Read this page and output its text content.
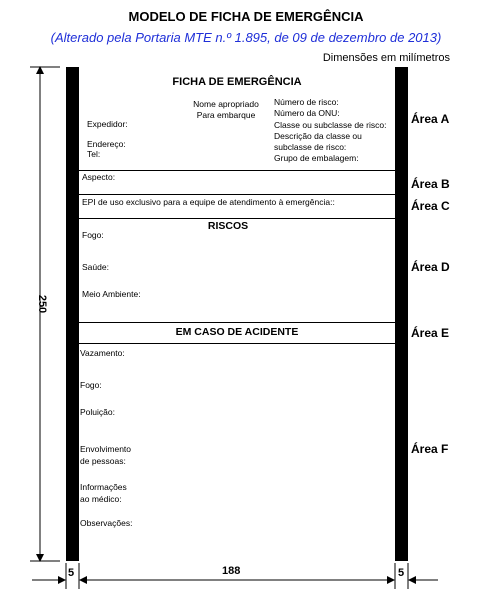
MODELO DE FICHA DE EMERGÊNCIA
(Alterado pela Portaria MTE n.º 1.895, de 09 de dezembro de 2013)
Dimensões em milímetros
250
FICHA DE EMERGÊNCIA
Nome apropriado
Para embarque
Expedidor:
Endereço:
Tel:
Número de risco:
Número da ONU:
Classe ou subclasse de risco:
Descrição da classe ou
subclasse de risco:
Grupo de embalagem:
Aspecto:
EPI de uso exclusivo para a equipe de atendimento à emergência::
RISCOS
Fogo:
Saúde:
Meio Ambiente:
EM CASO DE ACIDENTE
Vazamento:
Fogo:
Poluição:
Envolvimento
de pessoas:
Informações
ao médico:
Observações:
Área A
Área B
Área C
Área D
Área E
Área F
5	188	5
